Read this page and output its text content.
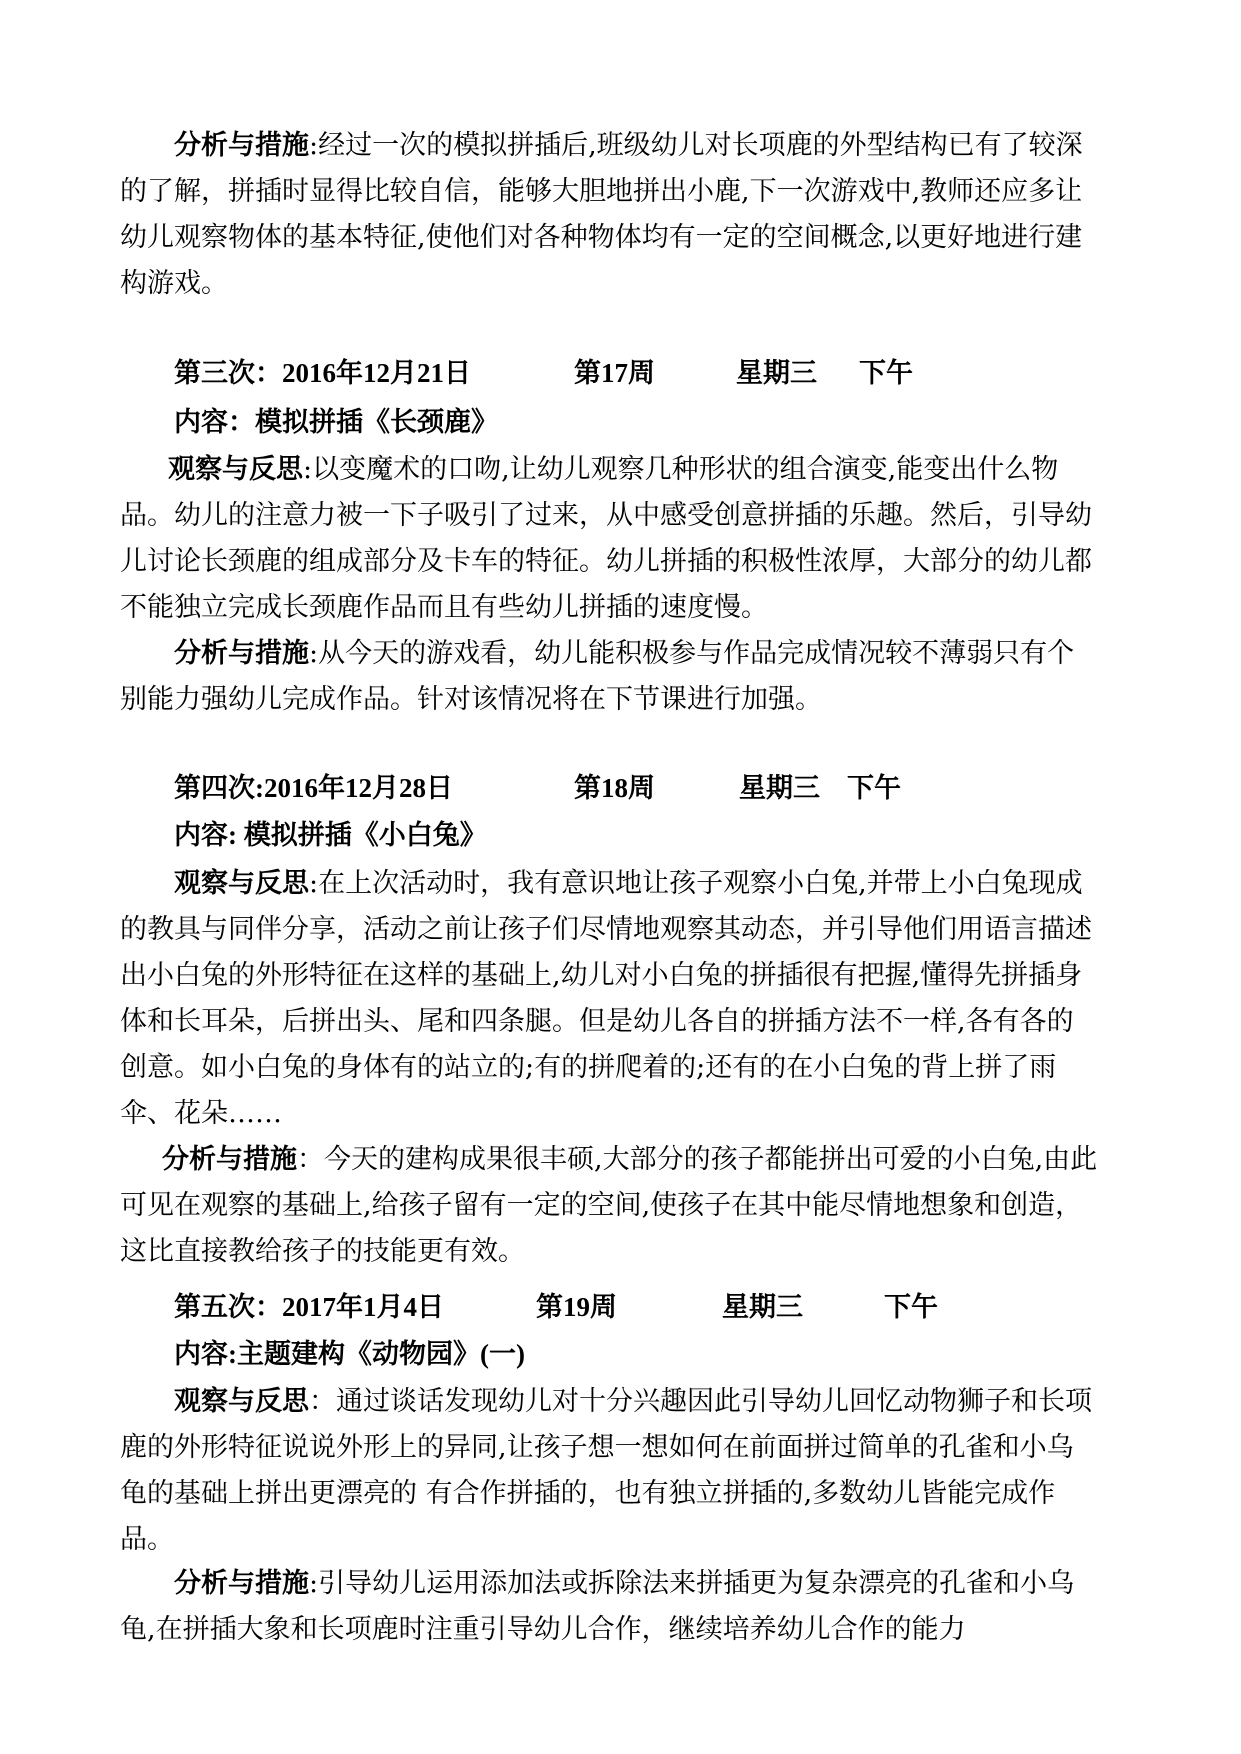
分析与措施:经过一次的模拟拼插后,班级幼儿对长项鹿的外型结构已有了较深的了解，拼插时显得比较自信，能够大胆地拼出小鹿,下一次游戏中,教师还应多让幼儿观察物体的基本特征,使他们对各种物体均有一定的空间概念,以更好地进行建构游戏。

第三次：2016年12月21日	第17周	星期三 下午
内容：模拟拼插《长颈鹿》

观察与反思:以变魔术的口吻,让幼儿观察几种形状的组合演变,能变出什么物品。幼儿的注意力被一下子吸引了过来，从中感受创意拼插的乐趣。然后，引导幼儿讨论长颈鹿的组成部分及卡车的特征。幼儿拼插的积极性浓厚，大部分的幼儿都不能独立完成长颈鹿作品而且有些幼儿拼插的速度慢。

分析与措施:从今天的游戏看，幼儿能积极参与作品完成情况较不薄弱只有个别能力强幼儿完成作品。针对该情况将在下节课进行加强。

第四次:2016年12月28日	第18周	星期三 下午
内容: 模拟拼插《小白兔》

观察与反思:在上次活动时，我有意识地让孩子观察小白兔,并带上小白兔现成的教具与同伴分享，活动之前让孩子们尽情地观察其动态，并引导他们用语言描述出小白兔的外形特征在这样的基础上,幼儿对小白兔的拼插很有把握,懂得先拼插身体和长耳朵，后拼出头、尾和四条腿。但是幼儿各自的拼插方法不一样,各有各的创意。如小白兔的身体有的站立的;有的拼爬着的;还有的在小白兔的背上拼了雨伞、花朵……

分析与措施：今天的建构成果很丰硕,大部分的孩子都能拼出可爱的小白兔,由此可见在观察的基础上,给孩子留有一定的空间,使孩子在其中能尽情地想象和创造，这比直接教给孩子的技能更有效。

第五次：2017年1月4日	第19周	星期三	下午
内容:主题建构《动物园》(一)

观察与反思：通过谈话发现幼儿对十分兴趣因此引导幼儿回忆动物狮子和长项鹿的外形特征说说外形上的异同,让孩子想一想如何在前面拼过简单的孔雀和小乌龟的基础上拼出更漂亮的 有合作拼插的，也有独立拼插的,多数幼儿皆能完成作品。

分析与措施:引导幼儿运用添加法或拆除法来拼插更为复杂漂亮的孔雀和小乌龟,在拼插大象和长项鹿时注重引导幼儿合作，继续培养幼儿合作的能力
